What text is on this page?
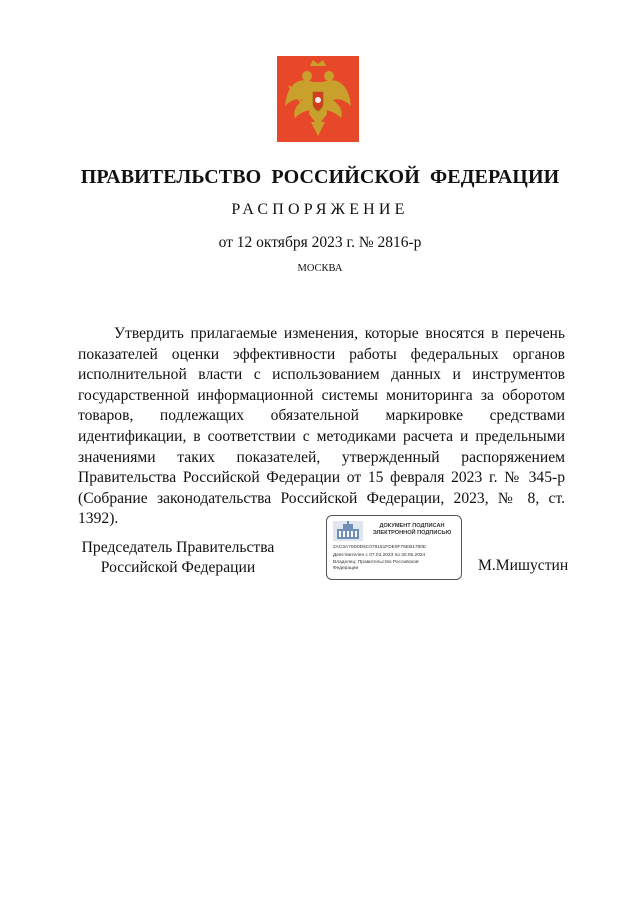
ПРАВИТЕЛЬСТВО РОССИЙСКОЙ ФЕДЕРАЦИИ
РАСПОРЯЖЕНИЕ
от 12 октября 2023 г. № 2816-р
МОСКВА
Утвердить прилагаемые изменения, которые вносятся в перечень показателей оценки эффективности работы федеральных органов исполнительной власти с использованием данных и инструментов государственной информационной системы мониторинга за оборотом товаров, подлежащих обязательной маркировке средствами идентификации, в соответствии с методиками расчета и предельными значениями таких показателей, утвержденный распоряжением Правительства Российской Федерации от 15 февраля 2023 г. № 345-р (Собрание законодательства Российской Федерации, 2023, № 8, ст. 1392).
Председатель Правительства
Российской Федерации
ДОКУМЕНТ ПОДПИСАН
ЭЛЕКТРОННОЙ ПОДПИСЬЮ
2AC3A70D0D5C07818​1FDE9F7​6EB1780E
Действителен с 07.03.2023 по 30.05.2024
Владелец: Правительство Российской
Федерации	М.Мишустин
